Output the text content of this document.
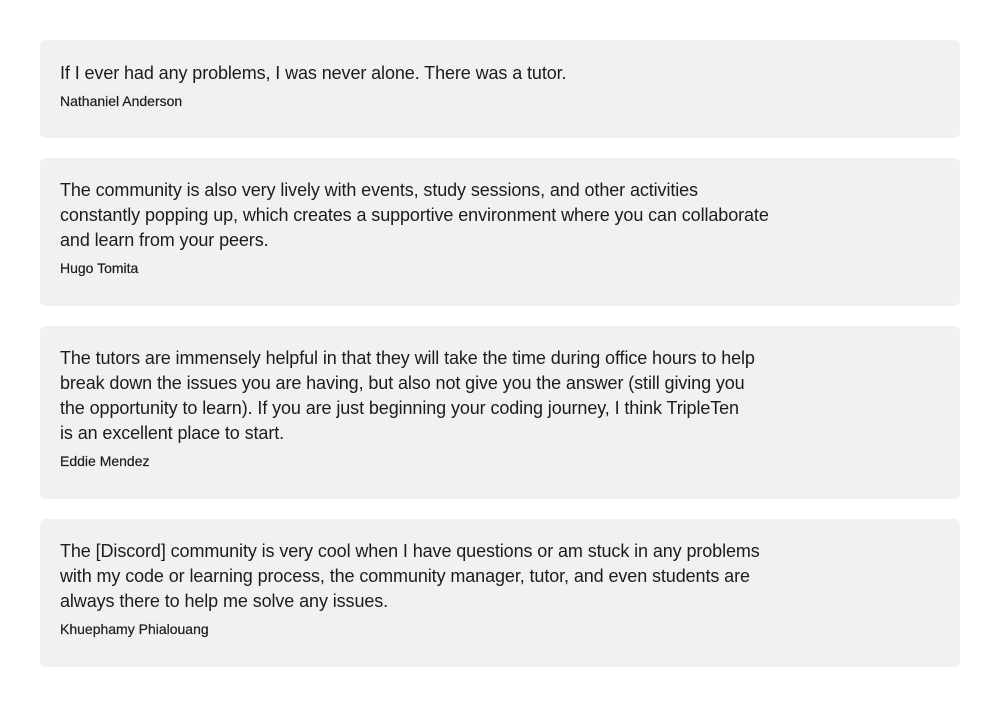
If I ever had any problems, I was never alone. There was a tutor.

Nathaniel Anderson

The community is also very lively with events, study sessions, and other activities
constantly popping up, which creates a supportive environment where you can collaborate
and learn from your peers.

Hugo Tomita

The tutors are immensely helpful in that they will take the time during office hours to help
break down the issues you are having, but also not give you the answer (still giving you
the opportunity to learn). If you are just beginning your coding journey, I think TripleTen
is an excellent place to start.

Eddie Mendez

The [Discord] community is very cool when I have questions or am stuck in any problems
with my code or learning process, the community manager, tutor, and even students are
always there to help me solve any issues.

Khuephamy Phialouang
